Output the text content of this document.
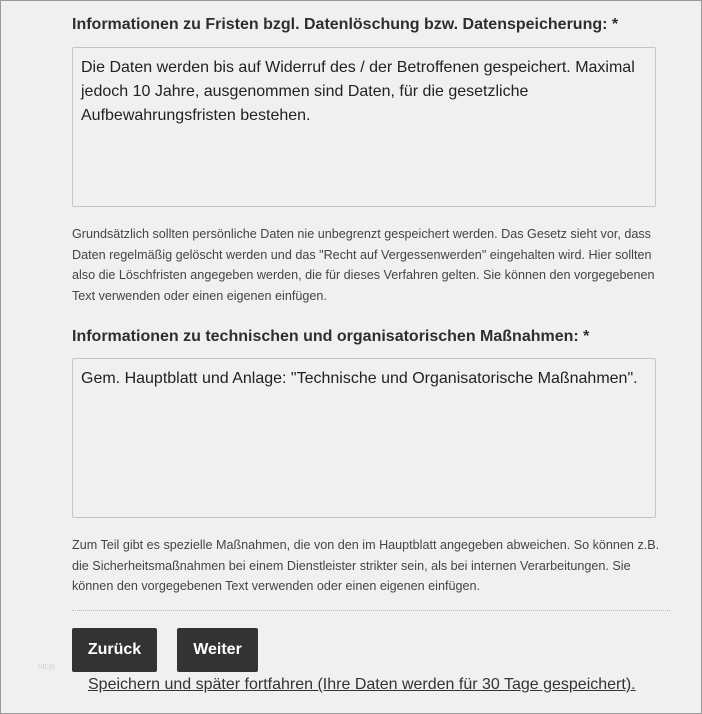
Informationen zu Fristen bzgl. Datenlöschung bzw. Datenspeicherung: *
Die Daten werden bis auf Widerruf des / der Betroffenen gespeichert. Maximal jedoch 10 Jahre, ausgenommen sind Daten, für die gesetzliche Aufbewahrungsfristen bestehen.

Grundsätzlich sollten persönliche Daten nie unbegrenzt gespeichert werden. Das Gesetz sieht vor, dass Daten regelmäßig gelöscht werden und das "Recht auf Vergessenwerden" eingehalten wird. Hier sollten also die Löschfristen angegeben werden, die für dieses Verfahren gelten. Sie können den vorgegebenen Text verwenden oder einen eigenen einfügen.

Informationen zu technischen und organisatorischen Maßnahmen: *
Gem. Hauptblatt und Anlage: "Technische und Organisatorische Maßnahmen".

Zum Teil gibt es spezielle Maßnahmen, die von den im Hauptblatt angegeben abweichen. So können z.B. die Sicherheitsmaßnahmen bei einem Dienstleister strikter sein, als bei internen Verarbeitungen. Sie können den vorgegebenen Text verwenden oder einen eigenen einfügen.

Zurück	Weiter
htt:js
Speichern und später fortfahren (Ihre Daten werden für 30 Tage gespeichert).
